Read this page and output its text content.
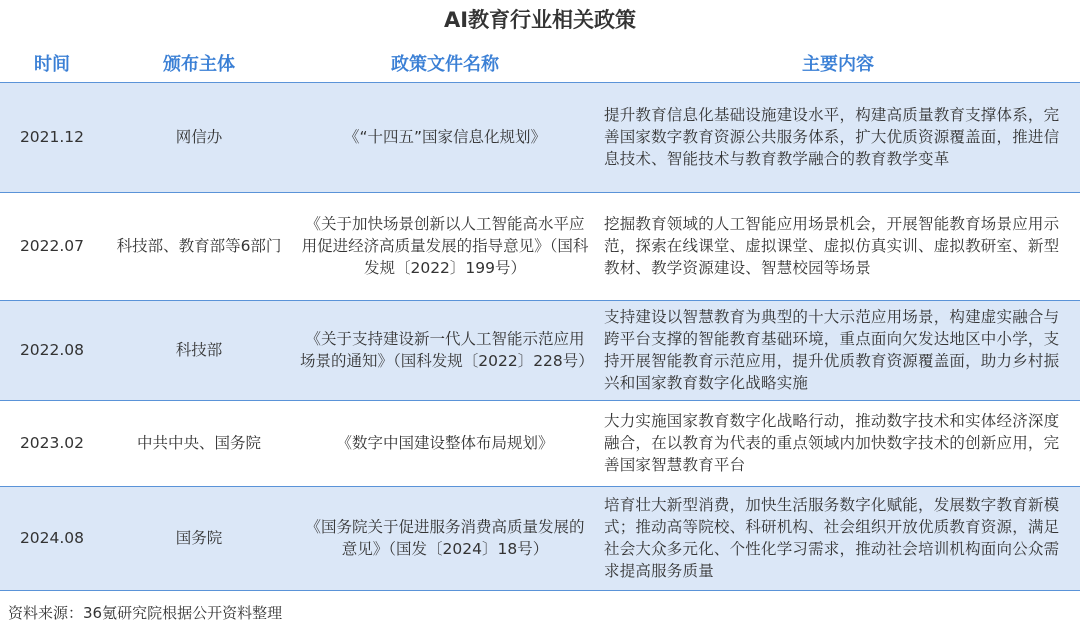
AI教育行业相关政策
时间	颁布主体	政策文件名称	主要内容
2021.12	网信办	《“十四五”国家信息化规划》	提升教育信息化基础设施建设水平，构建高质量教育支撑体系，完善国家数字教育资源公共服务体系，扩大优质资源覆盖面，推进信息技术、智能技术与教育教学融合的教育教学变革
2022.07	科技部、教育部等6部门	《关于加快场景创新以人工智能高水平应用促进经济高质量发展的指导意见》（国科发规〔2022〕199号）	挖掘教育领域的人工智能应用场景机会，开展智能教育场景应用示范，探索在线课堂、虚拟课堂、虚拟仿真实训、虚拟教研室、新型教材、教学资源建设、智慧校园等场景
2022.08	科技部	《关于支持建设新一代人工智能示范应用场景的通知》（国科发规〔2022〕228号）	支持建设以智慧教育为典型的十大示范应用场景，构建虚实融合与跨平台支撑的智能教育基础环境，重点面向欠发达地区中小学，支持开展智能教育示范应用，提升优质教育资源覆盖面，助力乡村振兴和国家教育数字化战略实施
2023.02	中共中央、国务院	《数字中国建设整体布局规划》	大力实施国家教育数字化战略行动，推动数字技术和实体经济深度融合，在以教育为代表的重点领域内加快数字技术的创新应用，完善国家智慧教育平台
2024.08	国务院	《国务院关于促进服务消费高质量发展的意见》（国发〔2024〕18号）	培育壮大新型消费，加快生活服务数字化赋能，发展数字教育新模式；推动高等院校、科研机构、社会组织开放优质教育资源，满足社会大众多元化、个性化学习需求，推动社会培训机构面向公众需求提高服务质量
资料来源：36氪研究院根据公开资料整理
